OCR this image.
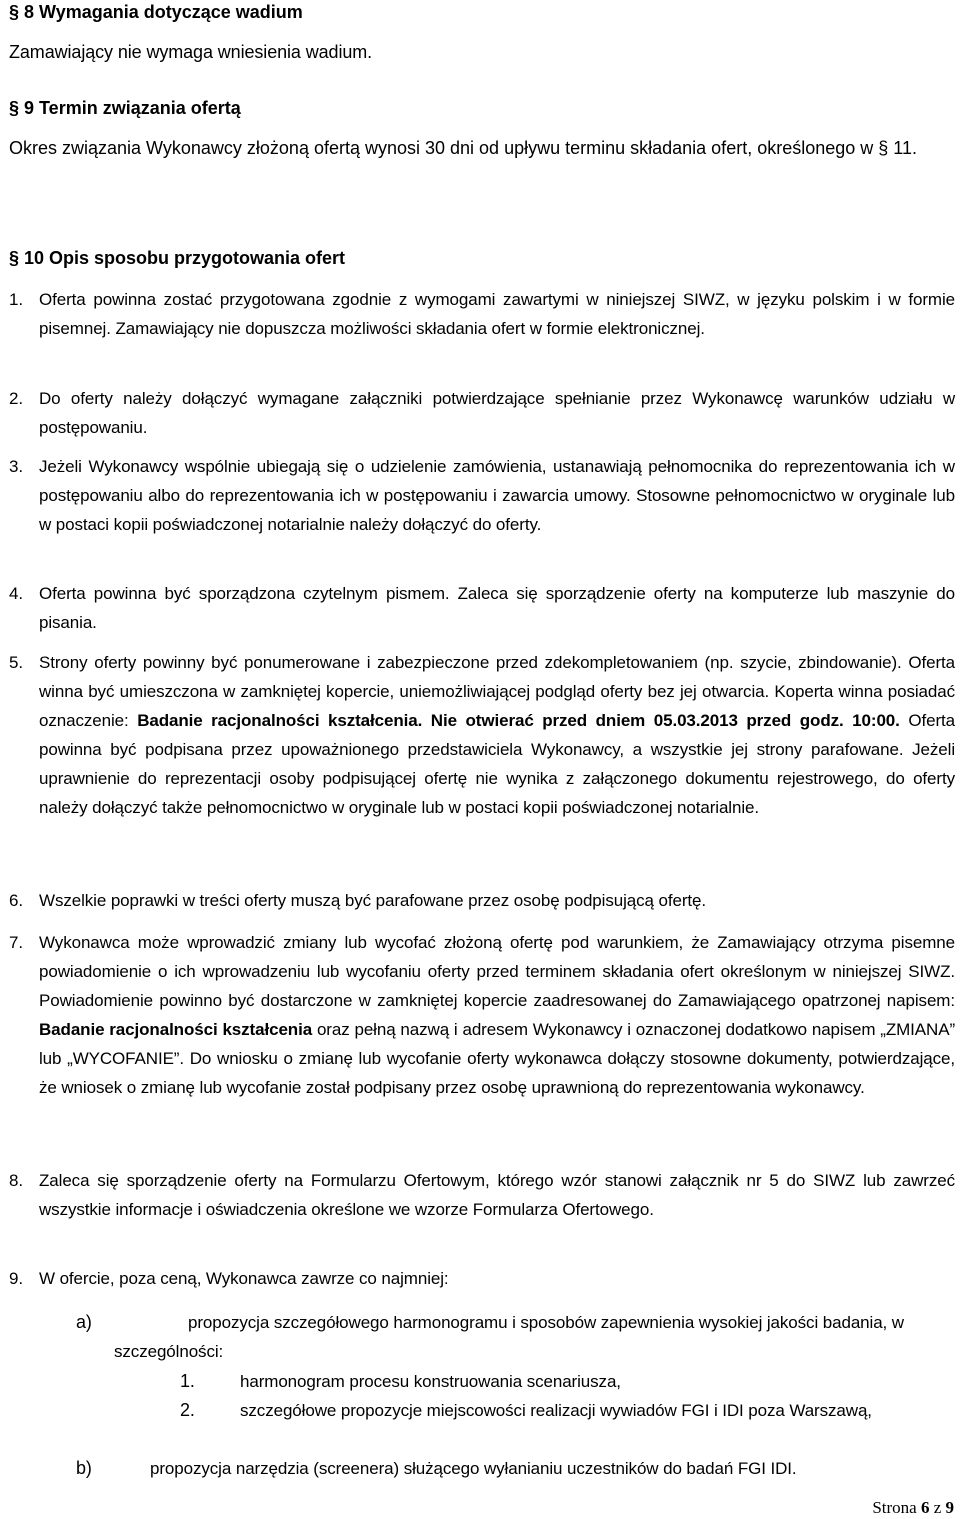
§ 8 Wymagania dotyczące wadium

Zamawiający nie wymaga wniesienia wadium.

§ 9 Termin związania ofertą

Okres związania Wykonawcy złożoną ofertą wynosi 30 dni od upływu terminu składania ofert, określonego w § 11.

§ 10 Opis sposobu przygotowania ofert
1. Oferta powinna zostać przygotowana zgodnie z wymogami zawartymi w niniejszej SIWZ, w języku polskim i w formie pisemnej. Zamawiający nie dopuszcza możliwości składania ofert w formie elektronicznej.
2. Do oferty należy dołączyć wymagane załączniki potwierdzające spełnianie przez Wykonawcę warunków udziału w postępowaniu.
3. Jeżeli Wykonawcy wspólnie ubiegają się o udzielenie zamówienia, ustanawiają pełnomocnika do reprezentowania ich w postępowaniu albo do reprezentowania ich w postępowaniu i zawarcia umowy. Stosowne pełnomocnictwo w oryginale lub w postaci kopii poświadczonej notarialnie należy dołączyć do oferty.
4. Oferta powinna być sporządzona czytelnym pismem. Zaleca się sporządzenie oferty na komputerze lub maszynie do pisania.
5. Strony oferty powinny być ponumerowane i zabezpieczone przed zdekompletowaniem (np. szycie, zbindowanie). Oferta winna być umieszczona w zamkniętej kopercie, uniemożliwiającej podgląd oferty bez jej otwarcia. Koperta winna posiadać oznaczenie: Badanie racjonalności kształcenia. Nie otwierać przed dniem 05.03.2013 przed godz. 10:00. Oferta powinna być podpisana przez upoważnionego przedstawiciela Wykonawcy, a wszystkie jej strony parafowane. Jeżeli uprawnienie do reprezentacji osoby podpisującej ofertę nie wynika z załączonego dokumentu rejestrowego, do oferty należy dołączyć także pełnomocnictwo w oryginale lub w postaci kopii poświadczonej notarialnie.
6. Wszelkie poprawki w treści oferty muszą być parafowane przez osobę podpisującą ofertę.
7. Wykonawca może wprowadzić zmiany lub wycofać złożoną ofertę pod warunkiem, że Zamawiający otrzyma pisemne powiadomienie o ich wprowadzeniu lub wycofaniu oferty przed terminem składania ofert określonym w niniejszej SIWZ. Powiadomienie powinno być dostarczone w zamkniętej kopercie zaadresowanej do Zamawiającego opatrzonej napisem: Badanie racjonalności kształcenia oraz pełną nazwą i adresem Wykonawcy i oznaczonej dodatkowo napisem „ZMIANA” lub „WYCOFANIE”. Do wniosku o zmianę lub wycofanie oferty wykonawca dołączy stosowne dokumenty, potwierdzające, że wniosek o zmianę lub wycofanie został podpisany przez osobę uprawnioną do reprezentowania wykonawcy.
8. Zaleca się sporządzenie oferty na Formularzu Ofertowym, którego wzór stanowi załącznik nr 5 do SIWZ lub zawrzeć wszystkie informacje i oświadczenia określone we wzorze Formularza Ofertowego.
9. W ofercie, poza ceną, Wykonawca zawrze co najmniej:
a)	propozycja szczegółowego harmonogramu i sposobów zapewnienia wysokiej jakości badania, w szczególności:
1.	harmonogram procesu konstruowania scenariusza,
2.	szczegółowe propozycje miejscowości realizacji wywiadów FGI i IDI poza Warszawą,
b)	propozycja narzędzia (screenera) służącego wyłanianiu uczestników do badań FGI IDI.
Strona 6 z 9
